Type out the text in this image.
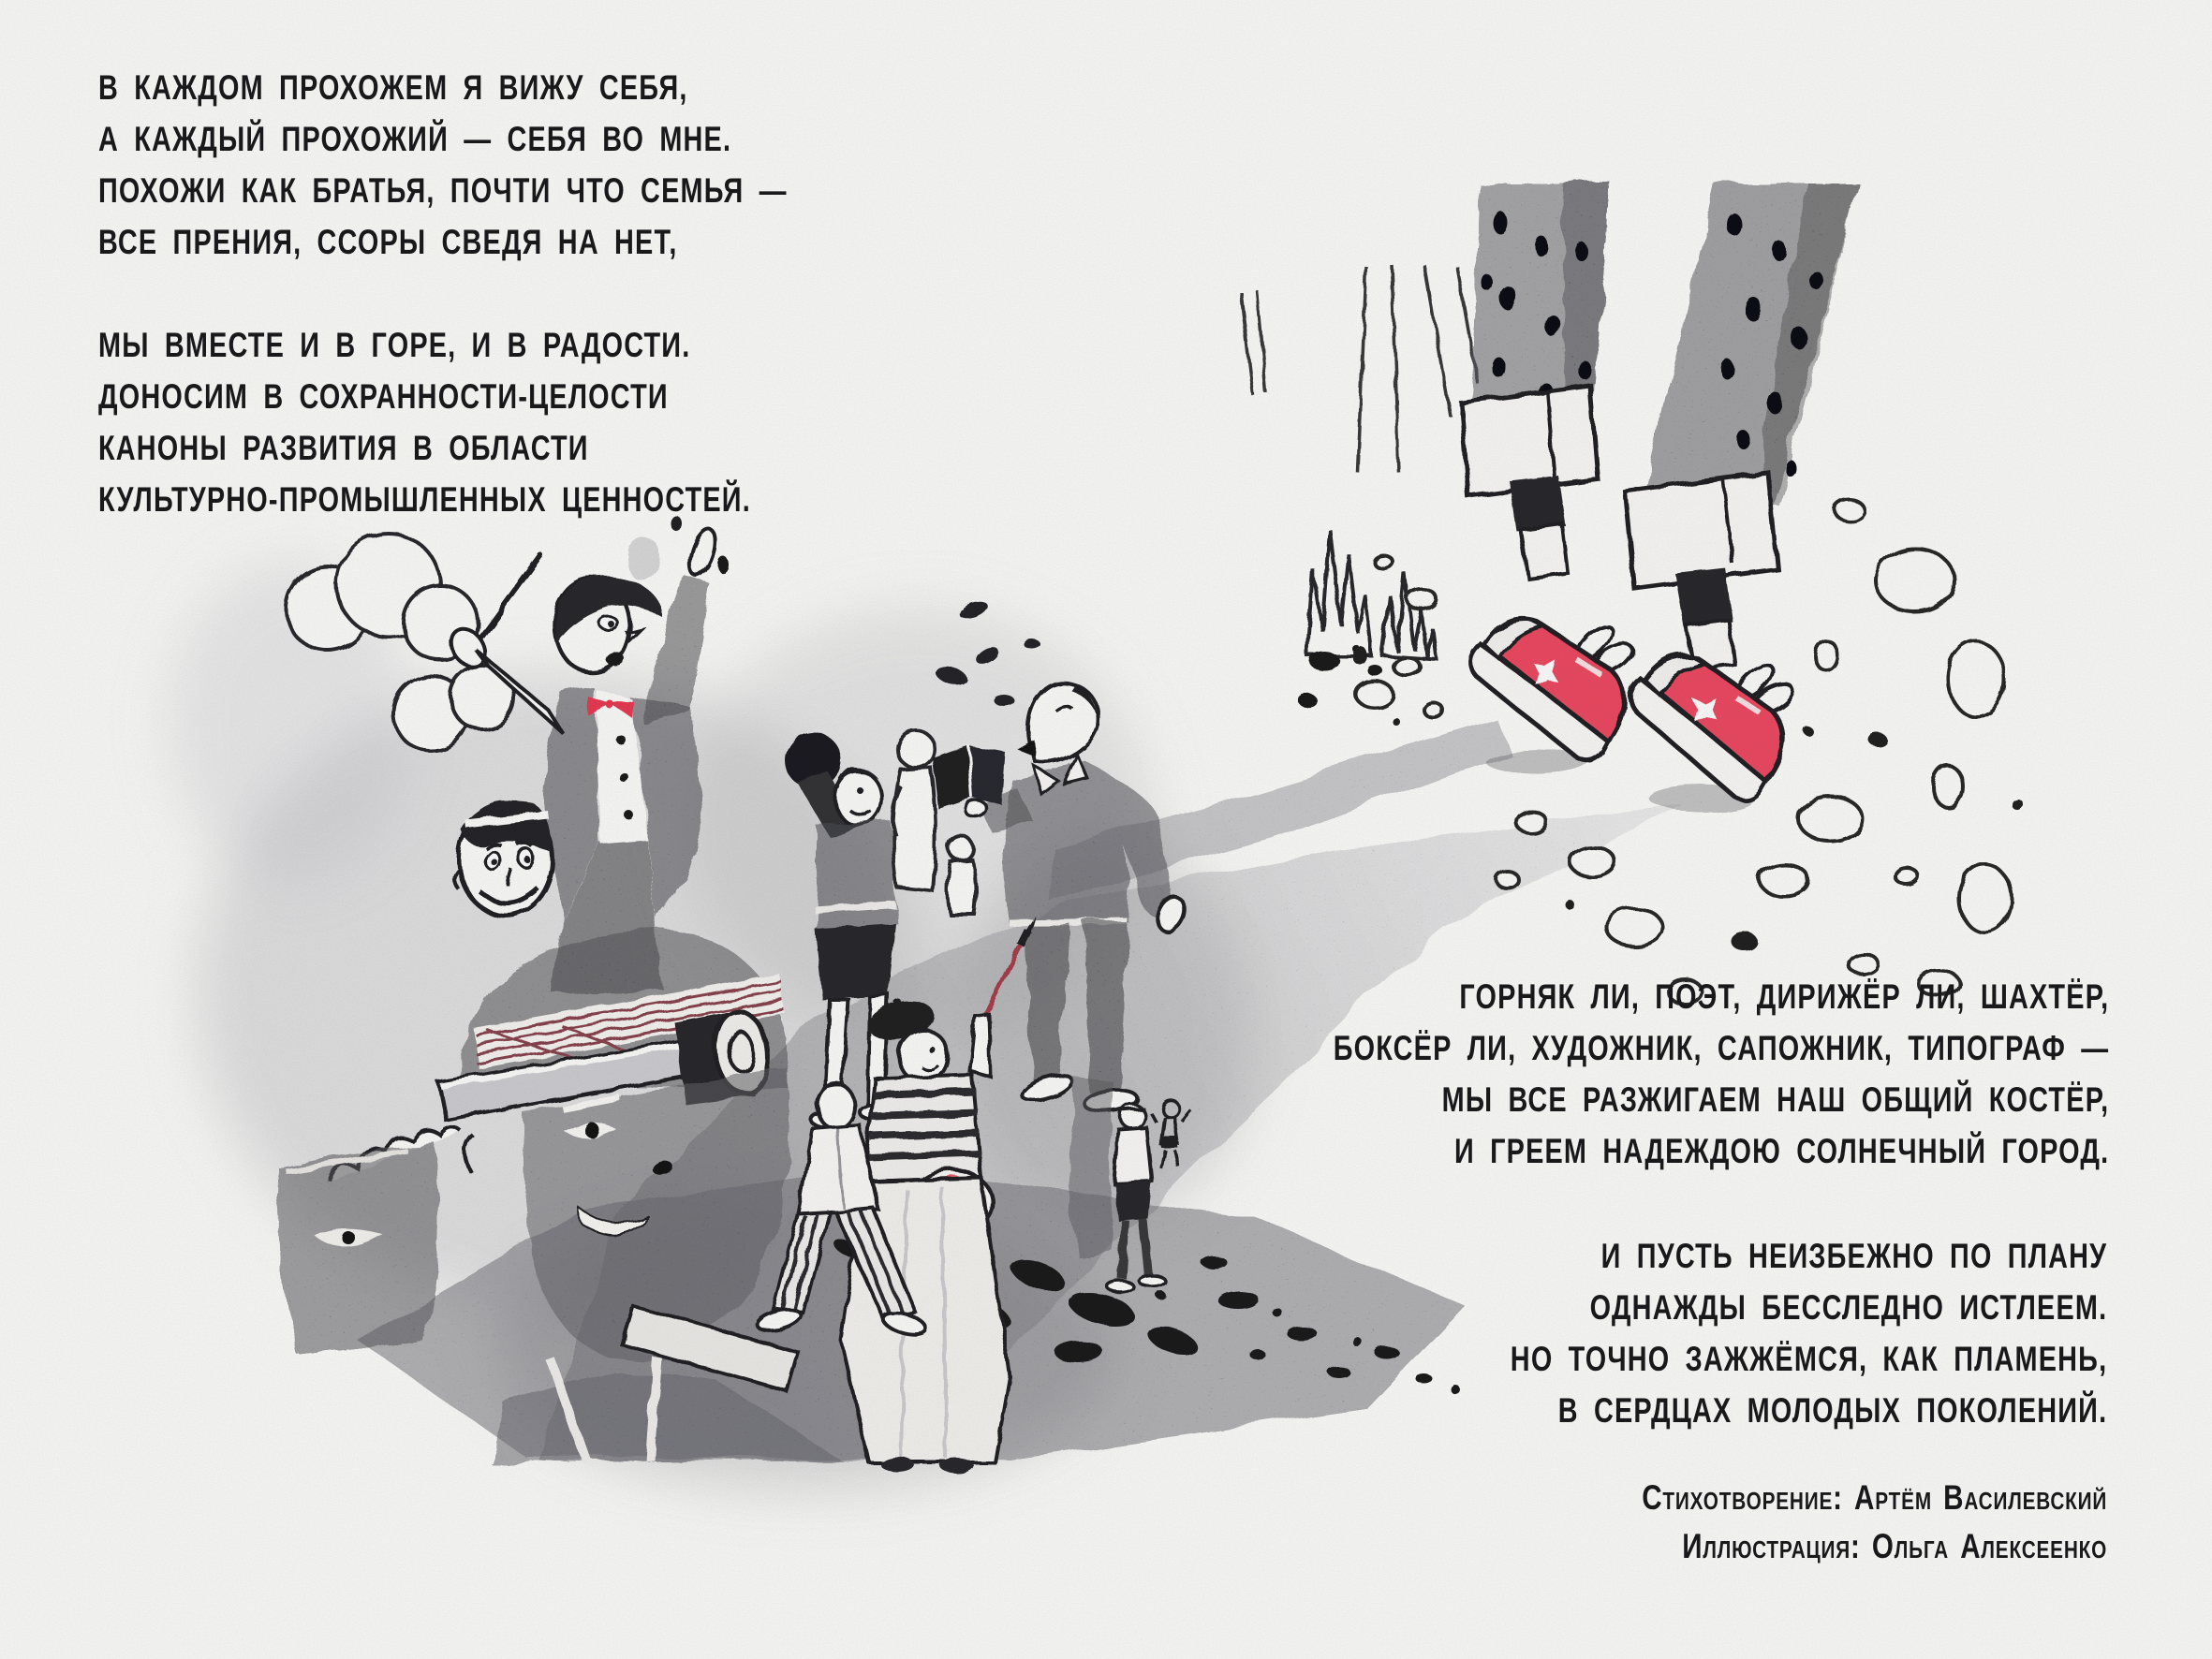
В КАЖДОМ ПРОХОЖЕМ Я ВИЖУ СЕБЯ,
А КАЖДЫЙ ПРОХОЖИЙ — СЕБЯ ВО МНЕ.
ПОХОЖИ КАК БРАТЬЯ, ПОЧТИ ЧТО СЕМЬЯ —
ВСЕ ПРЕНИЯ, ССОРЫ СВЕДЯ НА НЕТ,
МЫ ВМЕСТЕ И В ГОРЕ, И В РАДОСТИ.
ДОНОСИМ В СОХРАННОСТИ-ЦЕЛОСТИ
КАНОНЫ РАЗВИТИЯ В ОБЛАСТИ
КУЛЬТУРНО-ПРОМЫШЛЕННЫХ ЦЕННОСТЕЙ.
ГОРНЯК ЛИ, ПОЭТ, ДИРИЖЁР ЛИ, ШАХТЁР,
БОКСЁР ЛИ, ХУДОЖНИК, САПОЖНИК, ТИПОГРАФ —
МЫ ВСЕ РАЗЖИГАЕМ НАШ ОБЩИЙ КОСТЁР,
И ГРЕЕМ НАДЕЖДОЮ СОЛНЕЧНЫЙ ГОРОД.
И ПУСТЬ НЕИЗБЕЖНО ПО ПЛАНУ
ОДНАЖДЫ БЕССЛЕДНО ИСТЛЕЕМ.
НО ТОЧНО ЗАЖЖЁМСЯ, КАК ПЛАМЕНЬ,
В СЕРДЦАХ МОЛОДЫХ ПОКОЛЕНИЙ.
Стихотворение: Артём Василевский
Иллюстрация: Ольга Алексеенко
